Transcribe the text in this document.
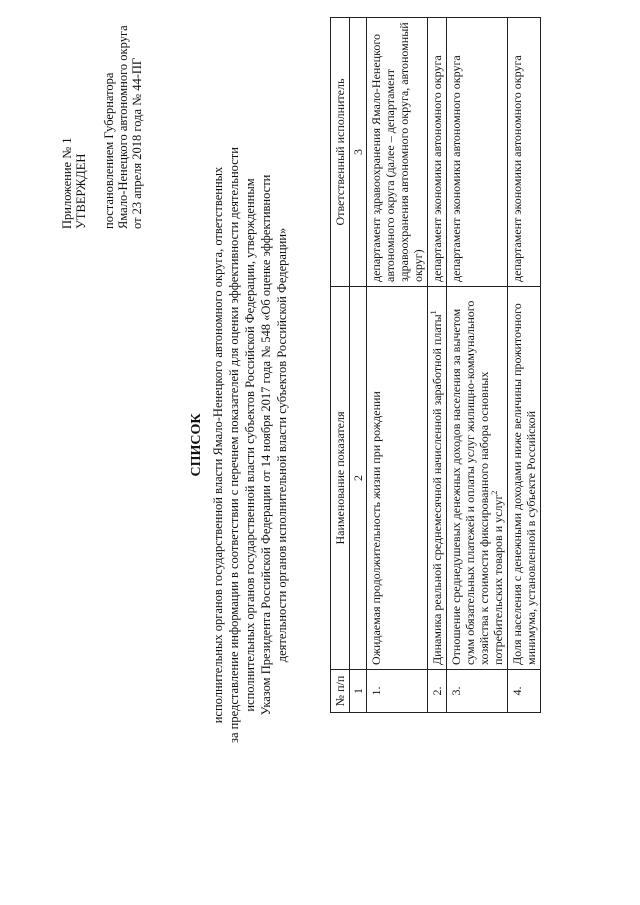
Приложение № 1 УТВЕРЖДЕН постановлением Губернатора Ямало-Ненецкого автономного округа от 23 апреля 2018 года № 44-ПГ
СПИСОК исполнительных органов государственной власти Ямало-Ненецкого автономного округа, ответственных за представление информации в соответствии с перечнем показателей для оценки эффективности деятельности исполнительных органов государственной власти субъектов Российской Федерации, утвержденным Указом Президента Российской Федерации от 14 ноября 2017 года № 548 «Об оценке эффективности деятельности органов исполнительной власти субъектов Российской Федерации»
№ п/п	Наименование показателя	Ответственный исполнитель
1	2	3
1.	Ожидаемая продолжительность жизни при рождении	департамент здравоохранения Ямало-Ненецкого автономного округа (далее – департамент здравоохранения автономного округа, автономный округ)
2.	Динамика реальной среднемесячной начисленной заработной платы$^1$	департамент экономики автономного округа
3.	Отношение среднедушевых денежных доходов населения за вычетом сумм обязательных платежей и оплаты услуг жилищно-коммунального хозяйства к стоимости фиксированного набора основных потребительских товаров и услуг$^2$	департамент экономики автономного округа
4.	Доля населения с денежными доходами ниже величины прожиточного минимума, установленной в субъекте Российской	департамент экономики автономного округа
